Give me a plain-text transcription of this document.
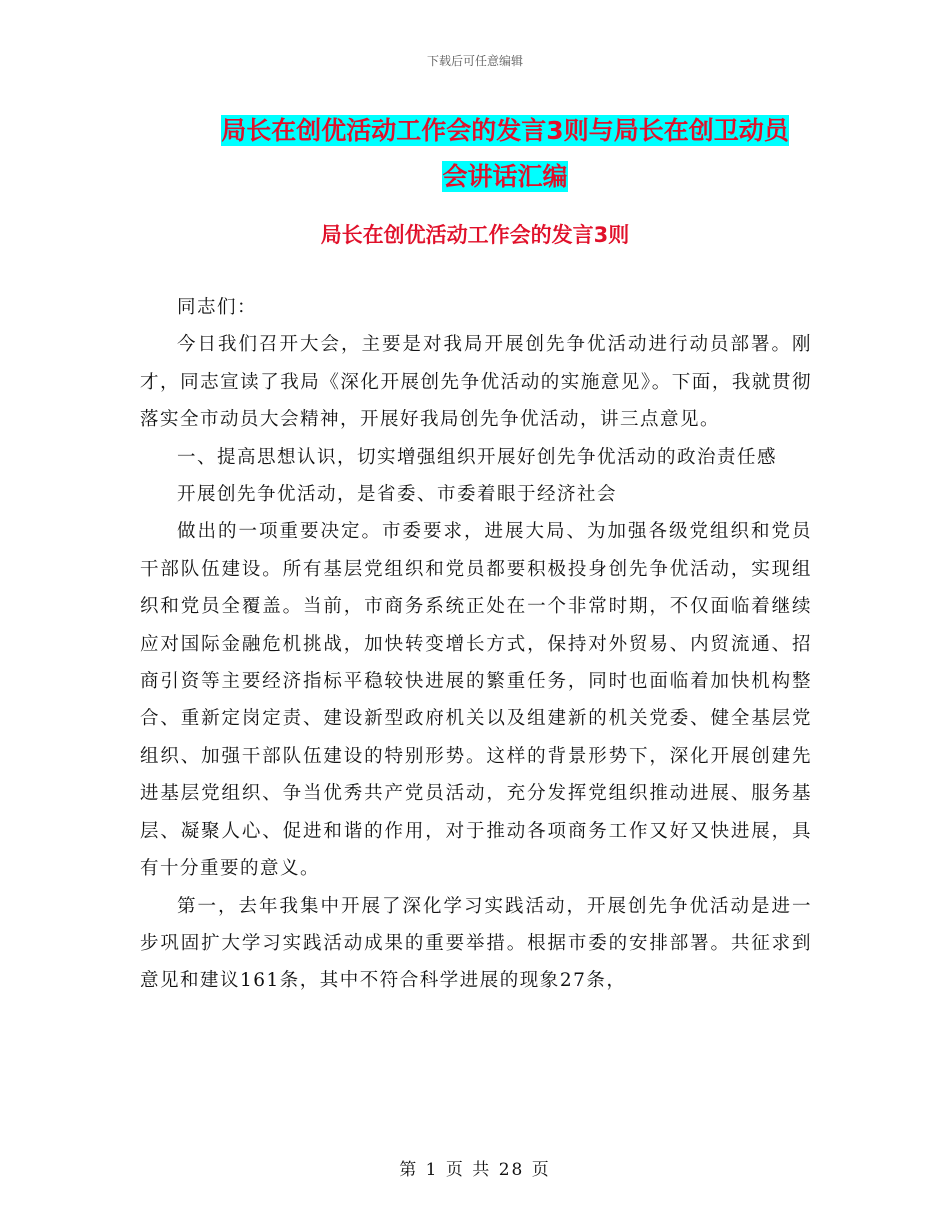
下载后可任意编辑
局长在创优活动工作会的发言3则与局长在创卫动员
会讲话汇编
局长在创优活动工作会的发言3则

同志们：

今日我们召开大会，主要是对我局开展创先争优活动进行动员部署。刚才，同志宣读了我局《深化开展创先争优活动的实施意见》。下面，我就贯彻落实全市动员大会精神，开展好我局创先争优活动，讲三点意见。

一、提高思想认识，切实增强组织开展好创先争优活动的政治责任感

开展创先争优活动，是省委、市委着眼于经济社会

做出的一项重要决定。市委要求，进展大局、为加强各级党组织和党员干部队伍建设。所有基层党组织和党员都要积极投身创先争优活动，实现组织和党员全覆盖。当前，市商务系统正处在一个非常时期，不仅面临着继续应对国际金融危机挑战，加快转变增长方式，保持对外贸易、内贸流通、招商引资等主要经济指标平稳较快进展的繁重任务，同时也面临着加快机构整合、重新定岗定责、建设新型政府机关以及组建新的机关党委、健全基层党组织、加强干部队伍建设的特别形势。这样的背景形势下，深化开展创建先进基层党组织、争当优秀共产党员活动，充分发挥党组织推动进展、服务基层、凝聚人心、促进和谐的作用，对于推动各项商务工作又好又快进展，具有十分重要的意义。

第一，去年我集中开展了深化学习实践活动，开展创先争优活动是进一步巩固扩大学习实践活动成果的重要举措。根据市委的安排部署。共征求到意见和建议161条，其中不符合科学进展的现象27条，

第 1 页 共 28 页
